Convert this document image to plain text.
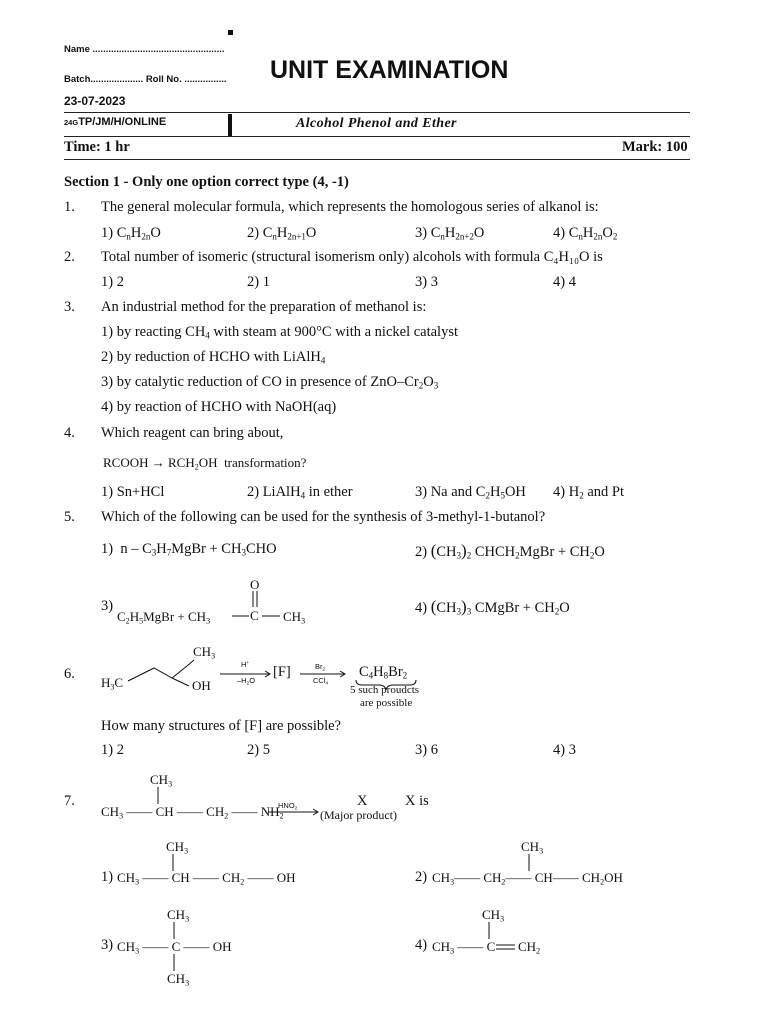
Name ..................................................
Batch.................... Roll No. ................
23-07-2023
UNIT EXAMINATION
24GTP/JM/H/ONLINE	Alcohol Phenol and Ether
Time: 1 hr	Mark: 100
Section 1 - Only one option correct type (4, -1)
1. The general molecular formula, which represents the homologous series of alkanol is:
1) $C_nH_{2n}O$	2) $C_nH_{2n+1}O$	3) $C_nH_{2n+2}O$	4) $C_nH_{2n}O_2$
2. Total number of isomeric (structural isomerism only) alcohols with formula C₄H₁₀O is
1) 2	2) 1	3) 3	4) 4
3. An industrial method for the preparation of methanol is:
1) by reacting $CH_4$ with steam at 900°C with a nickel catalyst
2) by reduction of HCHO with LiAlH$_4$
3) by catalytic reduction of CO in presence of ZnO–$Cr_2O_3$
4) by reaction of HCHO with NaOH(aq)
4. Which reagent can bring about,
RCOOH → $RCH_2OH$  transformation?
1) Sn+HCl	2) LiAlH$_4$ in ether	3) Na and $C_2H_5OH$ 4) $H_2$ and Pt
5. Which of the following can be used for the synthesis of 3-methyl-1-butanol?
1)  $n - C_3H_7MgBr + CH_3CHO$	2) $(CH_3)_2$ $CHCH_2MgBr + CH_2O$
3)
O
$C_2H_5MgBr + CH_3$	C $CH_3$
4) $(CH_3)_3$ CMgBr + $CH_2O$
6.
$H_3C$
$CH_3$
OH
H+
$-H_2O$
[F]	$Br_2$
CCl$_4$
$C_4H_8Br_2$
5 such proudcts
are possible
How many structures of [F] are possible?
1) 2	2) 5	3) 6	4) 3
7.
$CH_3$
$CH_3$ —— CH —— $CH_2$ —— $NH_2$
$HNO_2$
(Major product)
X	X is
1)
$CH_3$
$CH_3$ —— CH —— $CH_2$ —— OH	2)
$CH_3$
$CH_3——$ $CH_2——$ CH—— $CH_2OH$
3)
$CH_3$
$CH_3$ —— C —— OH
$CH_3$
4)
$CH_3$
$CH_3$ —— C $CH_2$
